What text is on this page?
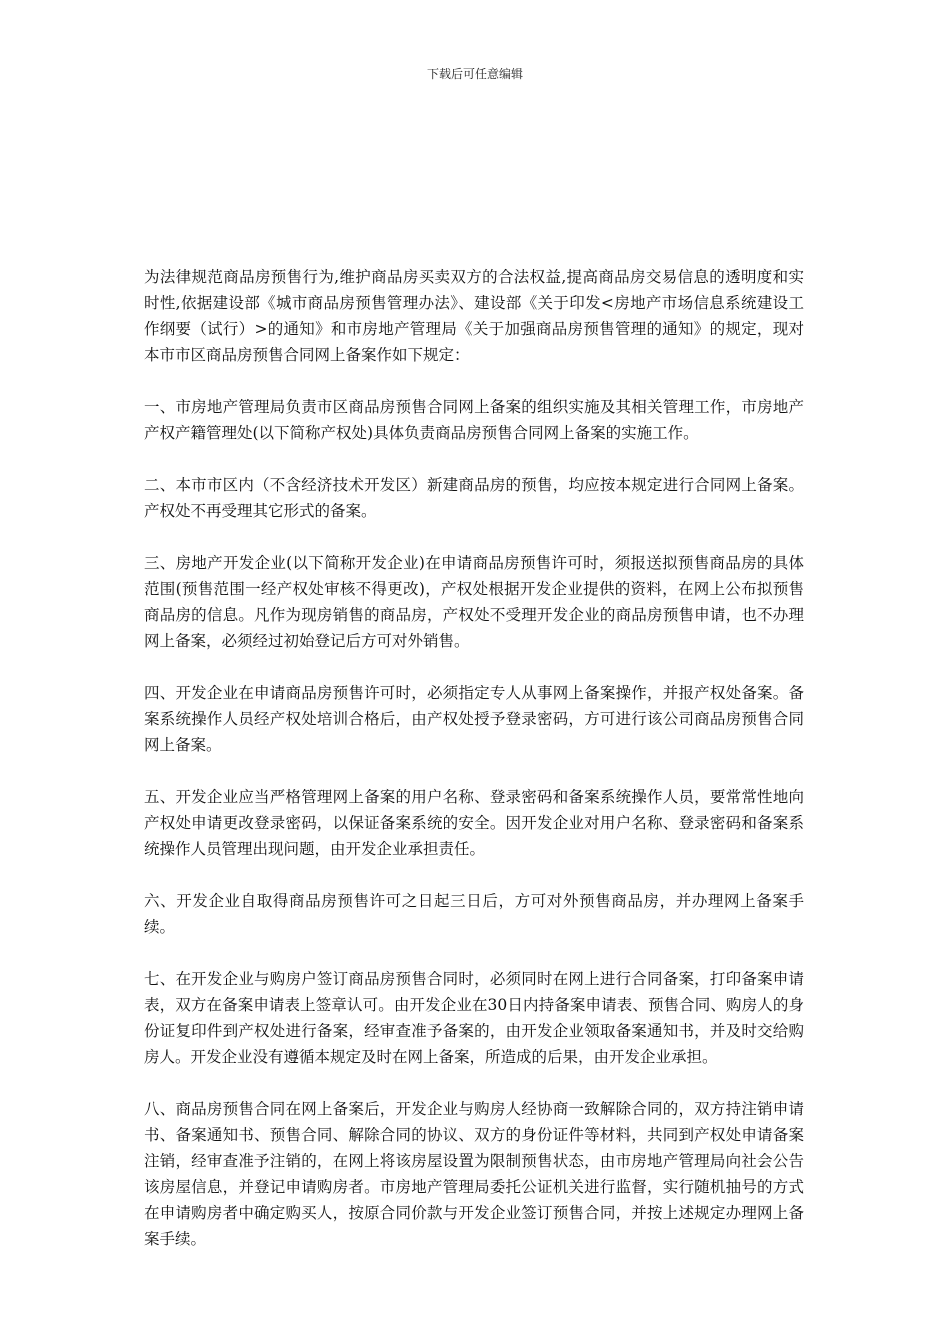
下载后可任意编辑

为法律规范商品房预售行为,维护商品房买卖双方的合法权益,提高商品房交易信息的透明度和实时性,依据建设部《城市商品房预售管理办法》、建设部《关于印发<房地产市场信息系统建设工作纲要（试行）>的通知》和市房地产管理局《关于加强商品房预售管理的通知》的规定，现对本市市区商品房预售合同网上备案作如下规定：

一、市房地产管理局负责市区商品房预售合同网上备案的组织实施及其相关管理工作，市房地产产权产籍管理处(以下简称产权处)具体负责商品房预售合同网上备案的实施工作。

二、本市市区内（不含经济技术开发区）新建商品房的预售，均应按本规定进行合同网上备案。产权处不再受理其它形式的备案。

三、房地产开发企业(以下简称开发企业)在申请商品房预售许可时，须报送拟预售商品房的具体范围(预售范围一经产权处审核不得更改)，产权处根据开发企业提供的资料，在网上公布拟预售商品房的信息。凡作为现房销售的商品房，产权处不受理开发企业的商品房预售申请，也不办理网上备案，必须经过初始登记后方可对外销售。

四、开发企业在申请商品房预售许可时，必须指定专人从事网上备案操作，并报产权处备案。备案系统操作人员经产权处培训合格后，由产权处授予登录密码，方可进行该公司商品房预售合同网上备案。

五、开发企业应当严格管理网上备案的用户名称、登录密码和备案系统操作人员，要常常性地向产权处申请更改登录密码，以保证备案系统的安全。因开发企业对用户名称、登录密码和备案系统操作人员管理出现问题，由开发企业承担责任。

六、开发企业自取得商品房预售许可之日起三日后，方可对外预售商品房，并办理网上备案手续。

七、在开发企业与购房户签订商品房预售合同时，必须同时在网上进行合同备案，打印备案申请表，双方在备案申请表上签章认可。由开发企业在30日内持备案申请表、预售合同、购房人的身份证复印件到产权处进行备案，经审查准予备案的，由开发企业领取备案通知书，并及时交给购房人。开发企业没有遵循本规定及时在网上备案，所造成的后果，由开发企业承担。

八、商品房预售合同在网上备案后，开发企业与购房人经协商一致解除合同的，双方持注销申请书、备案通知书、预售合同、解除合同的协议、双方的身份证件等材料，共同到产权处申请备案注销，经审查准予注销的，在网上将该房屋设置为限制预售状态，由市房地产管理局向社会公告该房屋信息，并登记申请购房者。市房地产管理局委托公证机关进行监督，实行随机抽号的方式在申请购房者中确定购买人，按原合同价款与开发企业签订预售合同，并按上述规定办理网上备案手续。
